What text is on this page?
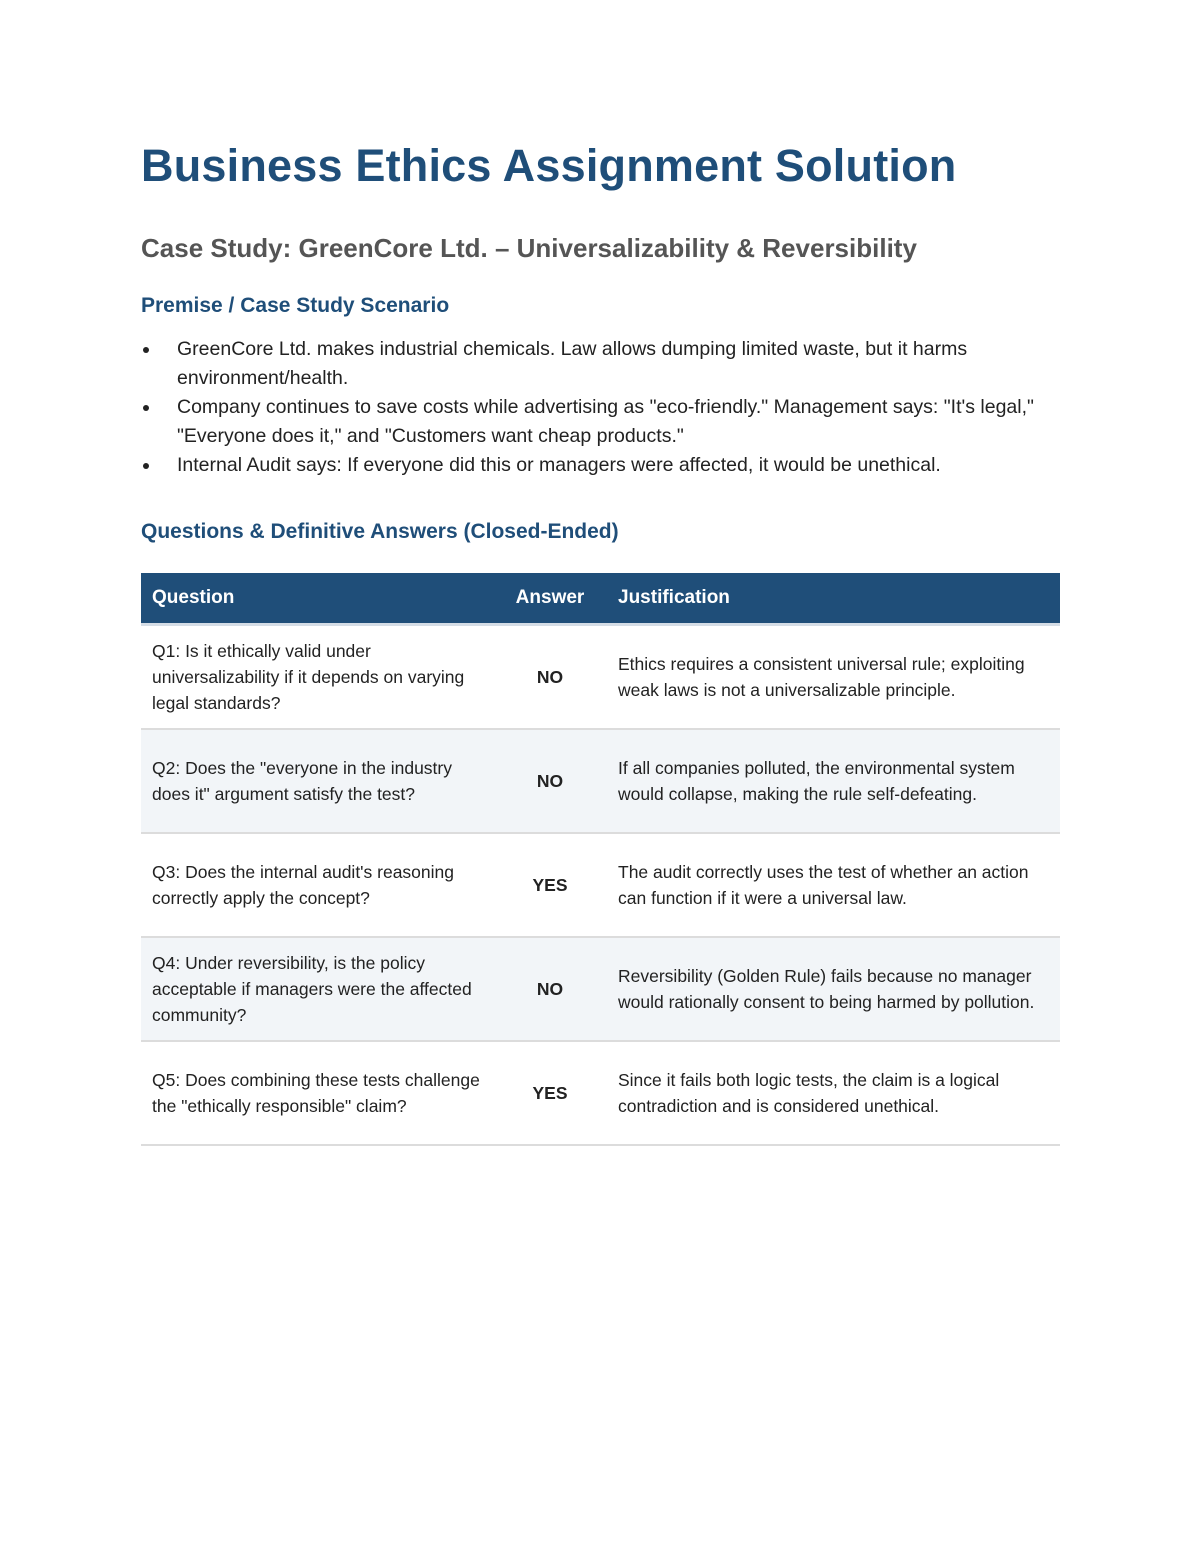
Business Ethics Assignment Solution
Case Study: GreenCore Ltd. – Universalizability & Reversibility
Premise / Case Study Scenario
GreenCore Ltd. makes industrial chemicals. Law allows dumping limited waste, but it harms environment/health.
Company continues to save costs while advertising as "eco-friendly." Management says: "It's legal," "Everyone does it," and "Customers want cheap products."
Internal Audit says: If everyone did this or managers were affected, it would be unethical.
Questions & Definitive Answers (Closed-Ended)
Question	Answer	Justification
Q1: Is it ethically valid under universalizability if it depends on varying legal standards?	NO	Ethics requires a consistent universal rule; exploiting weak laws is not a universalizable principle.
Q2: Does the "everyone in the industry does it" argument satisfy the test?	NO	If all companies polluted, the environmental system would collapse, making the rule self-defeating.
Q3: Does the internal audit's reasoning correctly apply the concept?	YES	The audit correctly uses the test of whether an action can function if it were a universal law.
Q4: Under reversibility, is the policy acceptable if managers were the affected community?	NO	Reversibility (Golden Rule) fails because no manager would rationally consent to being harmed by pollution.
Q5: Does combining these tests challenge the "ethically responsible" claim?	YES	Since it fails both logic tests, the claim is a logical contradiction and is considered unethical.
